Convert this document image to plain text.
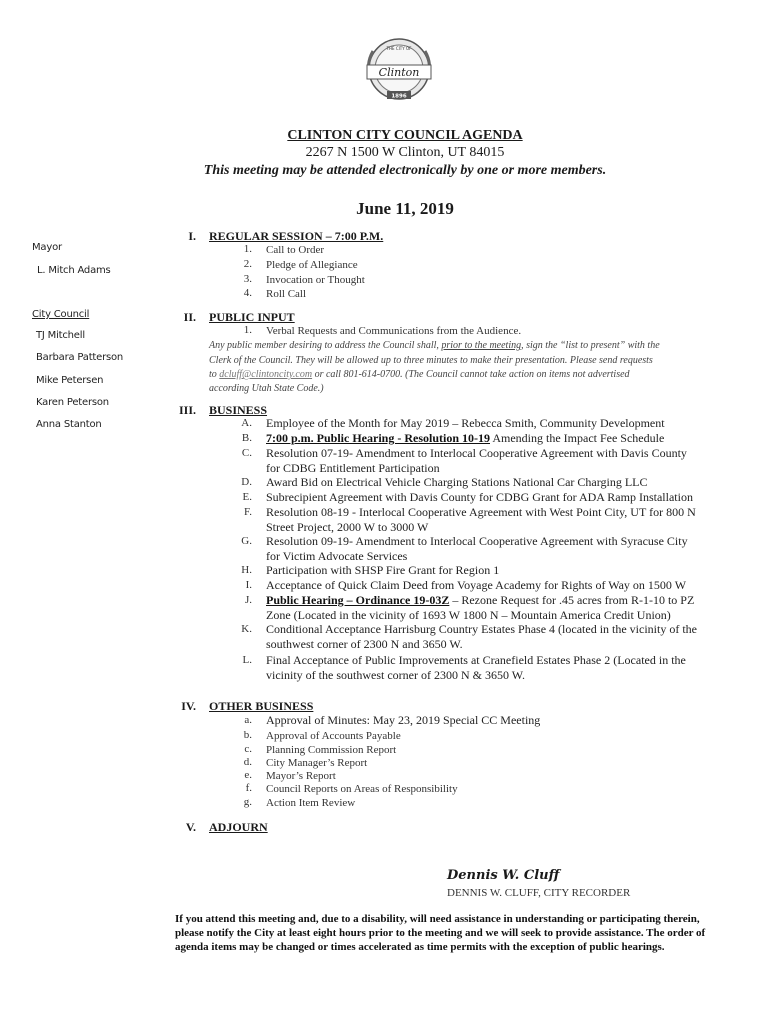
THE CITY OF
Clinton
1896
CLINTON CITY COUNCIL AGENDA
2267 N 1500 W Clinton, UT 84015
This meeting may be attended electronically by one or more members.
June 11, 2019
Mayor
L. Mitch Adams
City Council
TJ Mitchell
Barbara Patterson
Mike Petersen
Karen Peterson
Anna Stanton
I. REGULAR SESSION – 7:00 P.M.
1. Call to Order
2. Pledge of Allegiance
3. Invocation or Thought
4. Roll Call
II. PUBLIC INPUT
1. Verbal Requests and Communications from the Audience.
Any public member desiring to address the Council shall, prior to the meeting, sign the “list to present” with the
Clerk of the Council. They will be allowed up to three minutes to make their presentation. Please send requests
to dcluff@clintoncity.com or call 801-614-0700. (The Council cannot take action on items not advertised
according Utah State Code.)
III. BUSINESS
A. Employee of the Month for May 2019 – Rebecca Smith, Community Development
B. 7:00 p.m. Public Hearing - Resolution 10-19 Amending the Impact Fee Schedule
C. Resolution 07-19- Amendment to Interlocal Cooperative Agreement with Davis County
for CDBG Entitlement Participation
D. Award Bid on Electrical Vehicle Charging Stations National Car Charging LLC
E. Subrecipient Agreement with Davis County for CDBG Grant for ADA Ramp Installation
F. Resolution 08-19 - Interlocal Cooperative Agreement with West Point City, UT for 800 N
Street Project, 2000 W to 3000 W
G. Resolution 09-19- Amendment to Interlocal Cooperative Agreement with Syracuse City
for Victim Advocate Services
H. Participation with SHSP Fire Grant for Region 1
I. Acceptance of Quick Claim Deed from Voyage Academy for Rights of Way on 1500 W
J. Public Hearing – Ordinance 19-03Z – Rezone Request for .45 acres from R-1-10 to PZ
Zone (Located in the vicinity of 1693 W 1800 N – Mountain America Credit Union)
K. Conditional Acceptance Harrisburg Country Estates Phase 4 (located in the vicinity of the
southwest corner of 2300 N and 3650 W.
L. Final Acceptance of Public Improvements at Cranefield Estates Phase 2 (Located in the
vicinity of the southwest corner of 2300 N & 3650 W.
IV. OTHER BUSINESS
a. Approval of Minutes: May 23, 2019 Special CC Meeting
b. Approval of Accounts Payable
c. Planning Commission Report
d. City Manager’s Report
e. Mayor’s Report
f. Council Reports on Areas of Responsibility
g. Action Item Review
V. ADJOURN
Dennis W. Cluff
DENNIS W. CLUFF, CITY RECORDER
If you attend this meeting and, due to a disability, will need assistance in understanding or participating therein,
please notify the City at least eight hours prior to the meeting and we will seek to provide assistance. The order of
agenda items may be changed or times accelerated as time permits with the exception of public hearings.
